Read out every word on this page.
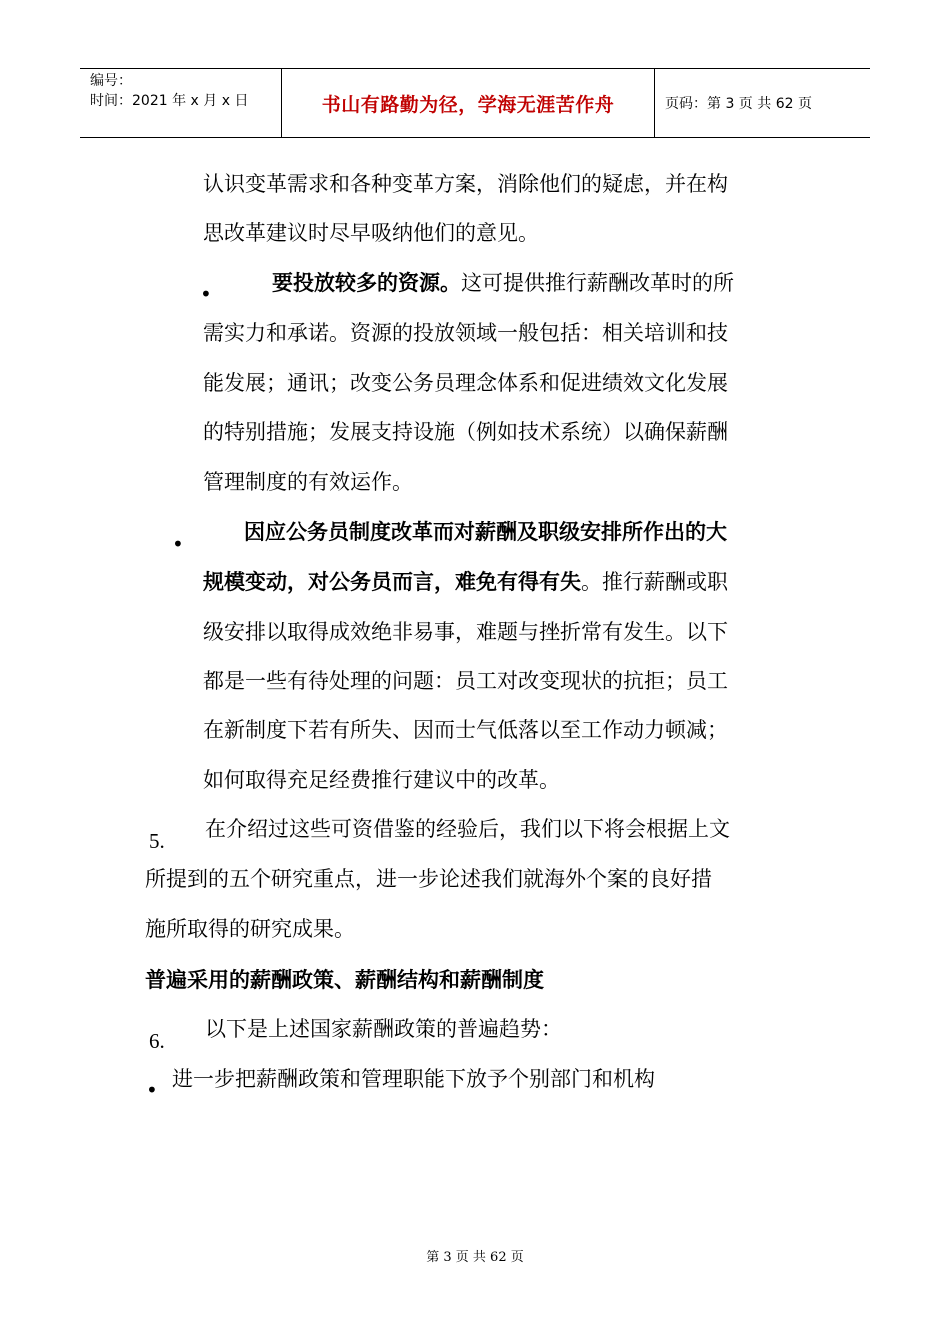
编号：
时间：2021 年 x 月 x 日	书山有路勤为径，学海无涯苦作舟	页码：第 3 页 共 62 页
认识变革需求和各种变革方案，消除他们的疑虑，并在构
思改革建议时尽早吸纳他们的意见。
•	要投放较多的资源。这可提供推行薪酬改革时的所
需实力和承诺。资源的投放领域一般包括：相关培训和技
能发展；通讯；改变公务员理念体系和促进绩效文化发展
的特别措施；发展支持设施（例如技术系统）以确保薪酬
管理制度的有效运作。
•	因应公务员制度改革而对薪酬及职级安排所作出的大
规模变动，对公务员而言，难免有得有失。推行薪酬或职
级安排以取得成效绝非易事，难题与挫折常有发生。以下
都是一些有待处理的问题：员工对改变现状的抗拒；员工
在新制度下若有所失、因而士气低落以至工作动力顿减；
如何取得充足经费推行建议中的改革。
5. 在介绍过这些可资借鉴的经验后，我们以下将会根据上文
所提到的五个研究重点，进一步论述我们就海外个案的良好措
施所取得的研究成果。
普遍采用的薪酬政策、薪酬结构和薪酬制度
6. 以下是上述国家薪酬政策的普遍趋势：
• 进一步把薪酬政策和管理职能下放予个别部门和机构
第 3 页 共 62 页
